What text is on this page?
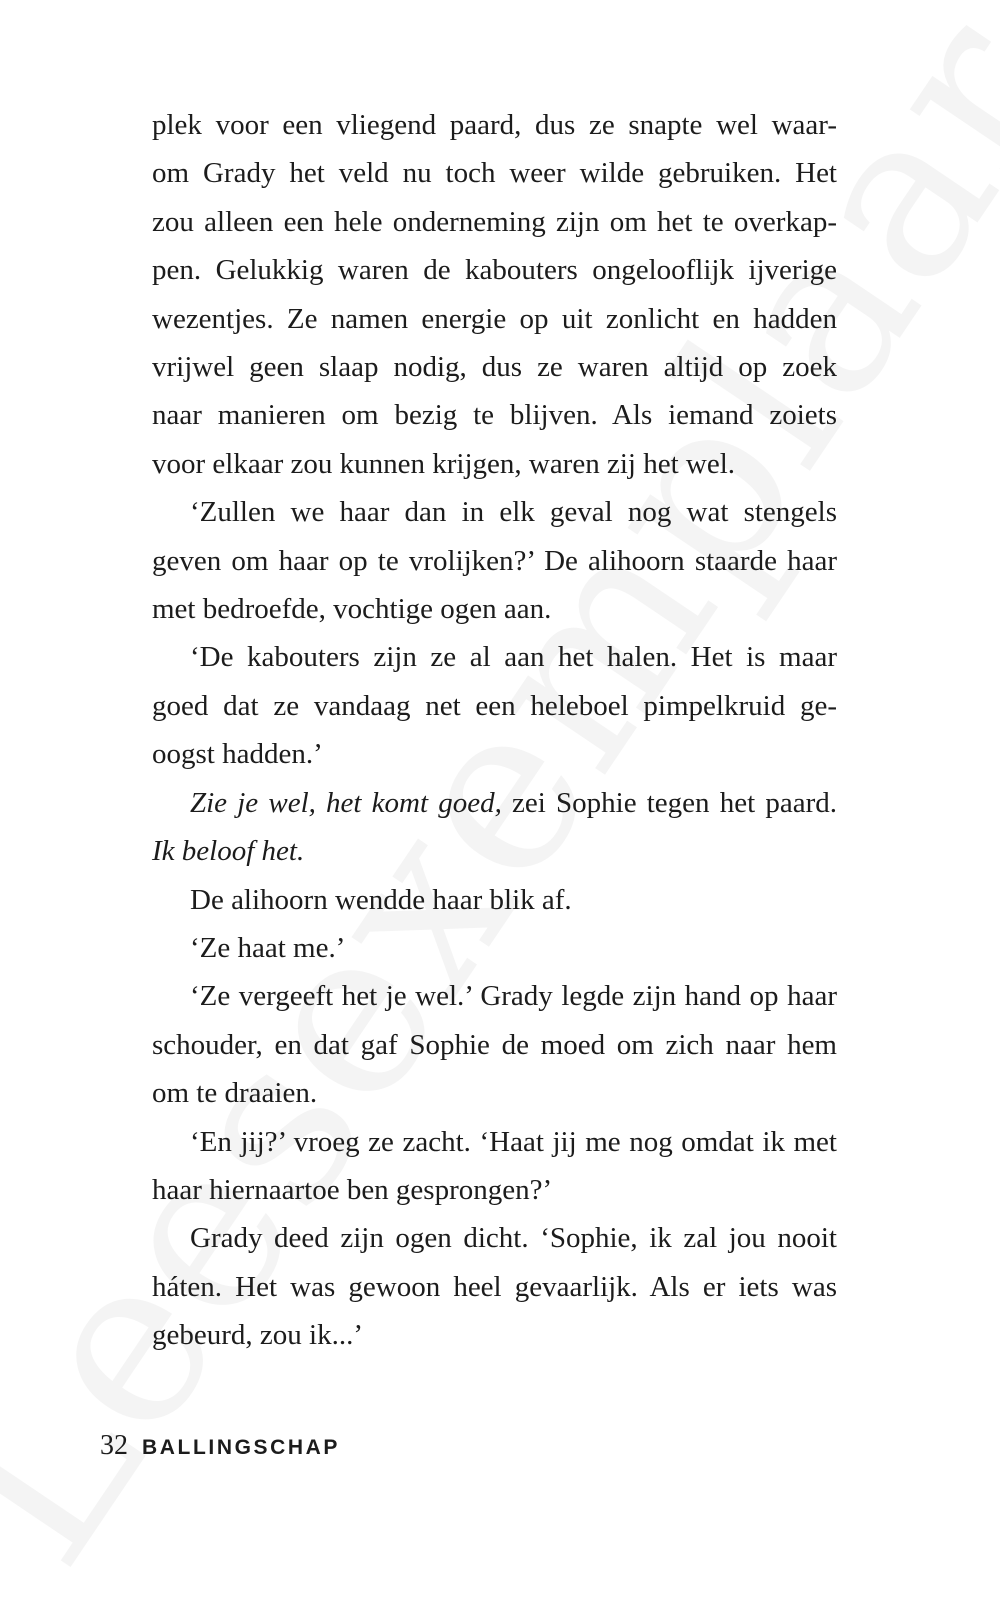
plek voor een vliegend paard, dus ze snapte wel waar-
om Grady het veld nu toch weer wilde gebruiken. Het
zou alleen een hele onderneming zijn om het te overkap-
pen. Gelukkig waren de kabouters ongelooflijk ijverige
wezentjes. Ze namen energie op uit zonlicht en hadden
vrijwel geen slaap nodig, dus ze waren altijd op zoek
naar manieren om bezig te blijven. Als iemand zoiets
voor elkaar zou kunnen krijgen, waren zij het wel.

‘Zullen we haar dan in elk geval nog wat stengels
geven om haar op te vrolijken?’ De alihoorn staarde haar
met bedroefde, vochtige ogen aan.

‘De kabouters zijn ze al aan het halen. Het is maar
goed dat ze vandaag net een heleboel pimpelkruid ge-
oogst hadden.’

Zie je wel, het komt goed, zei Sophie tegen het paard. Ik beloof het.

De alihoorn wendde haar blik af.

‘Ze haat me.’

‘Ze vergeeft het je wel.’ Grady legde zijn hand op haar
schouder, en dat gaf Sophie de moed om zich naar hem
om te draaien.

‘En jij?’ vroeg ze zacht. ‘Haat jij me nog omdat ik met
haar hiernaartoe ben gesprongen?’

Grady deed zijn ogen dicht. ‘Sophie, ik zal jou nooit
háten. Het was gewoon heel gevaarlijk. Als er iets was
gebeurd, zou ik...’

32 BALLINGSCHAP
